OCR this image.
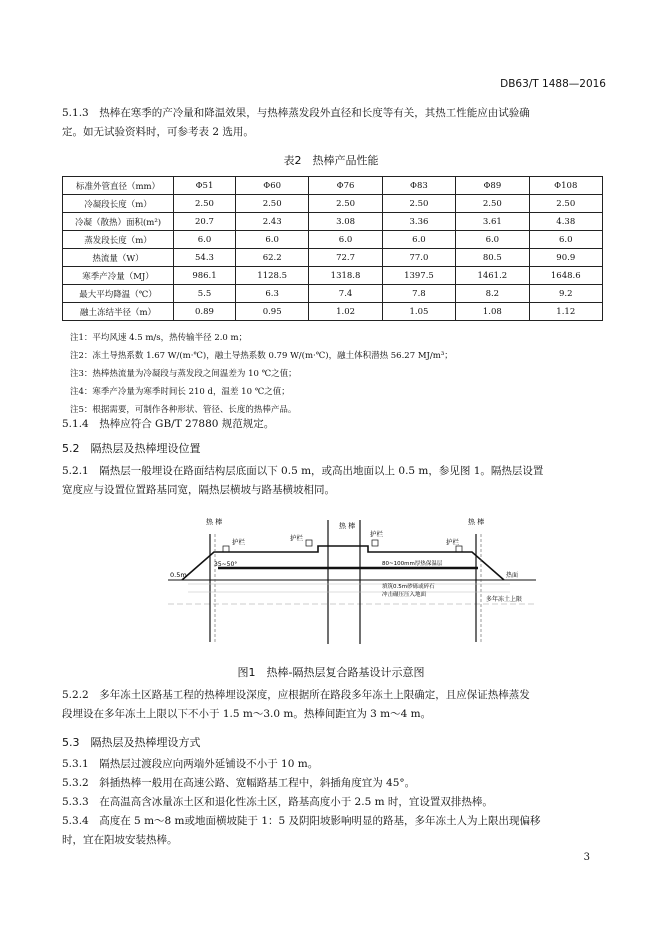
DB63/T 1488—2016
5.1.3　热棒在寒季的产冷量和降温效果，与热棒蒸发段外直径和长度等有关，其热工性能应由试验确
定。如无试验资料时，可参考表 2 选用。
表2　热棒产品性能
标准外管直径（mm）	Φ51	Φ60	Φ76	Φ83	Φ89	Φ108
冷凝段长度（m）	2.50	2.50	2.50	2.50	2.50	2.50
冷凝（散热）面积(m²)	20.7	2.43	3.08	3.36	3.61	4.38
蒸发段长度（m）	6.0	6.0	6.0	6.0	6.0	6.0
热流量（W）	54.3	62.2	72.7	77.0	80.5	90.9
寒季产冷量（MJ）	986.1	1128.5	1318.8	1397.5	1461.2	1648.6
最大平均降温（℃）	5.5	6.3	7.4	7.8	8.2	9.2
融土冻结半径（m）	0.89	0.95	1.02	1.05	1.08	1.12
注1：平均风速 4.5 m/s，热传输半径 2.0 m；
注2：冻土导热系数 1.67 W/(m·℃)，融土导热系数 0.79 W/(m·℃)，融土体积潜热 56.27 MJ/m³；
注3：热棒热流量为冷凝段与蒸发段之间温差为 10 ℃之值；
注4：寒季产冷量为寒季时间长 210 d，温差 10 ℃之值；
注5：根据需要，可制作各种形状、管径、长度的热棒产品。
5.1.4　热棒应符合 GB/T 27880 规范规定。
5.2　隔热层及热棒埋设位置
5.2.1　隔热层一般埋设在路面结构层底面以下 0.5 m，或高出地面以上 0.5 m，参见图 1。隔热层设置
宽度应与设置位置路基同宽，隔热层横坡与路基横坡相同。
热 棒	热 棒	热 棒
护栏	护栏	护栏
护栏
35~50°
0.5m
80~100mm厚热保温层
热面
填筑0.5m砂砾或碎石
冲击碾压压入地面
多年冻土上限
图1　热棒-隔热层复合路基设计示意图
5.2.2　多年冻土区路基工程的热棒埋设深度，应根据所在路段多年冻土上限确定，且应保证热棒蒸发
段埋设在多年冻土上限以下不小于 1.5 m～3.0 m。热棒间距宜为 3 m～4 m。
5.3　隔热层及热棒埋设方式
5.3.1　隔热层过渡段应向两端外延铺设不小于 10 m。
5.3.2　斜插热棒一般用在高速公路、宽幅路基工程中，斜插角度宜为 45°。
5.3.3　在高温高含冰量冻土区和退化性冻土区，路基高度小于 2.5 m 时，宜设置双排热棒。
5.3.4　高度在 5 m～8 m或地面横坡陡于 1：5 及阴阳坡影响明显的路基，多年冻土人为上限出现偏移
时，宜在阳坡安装热棒。
3
